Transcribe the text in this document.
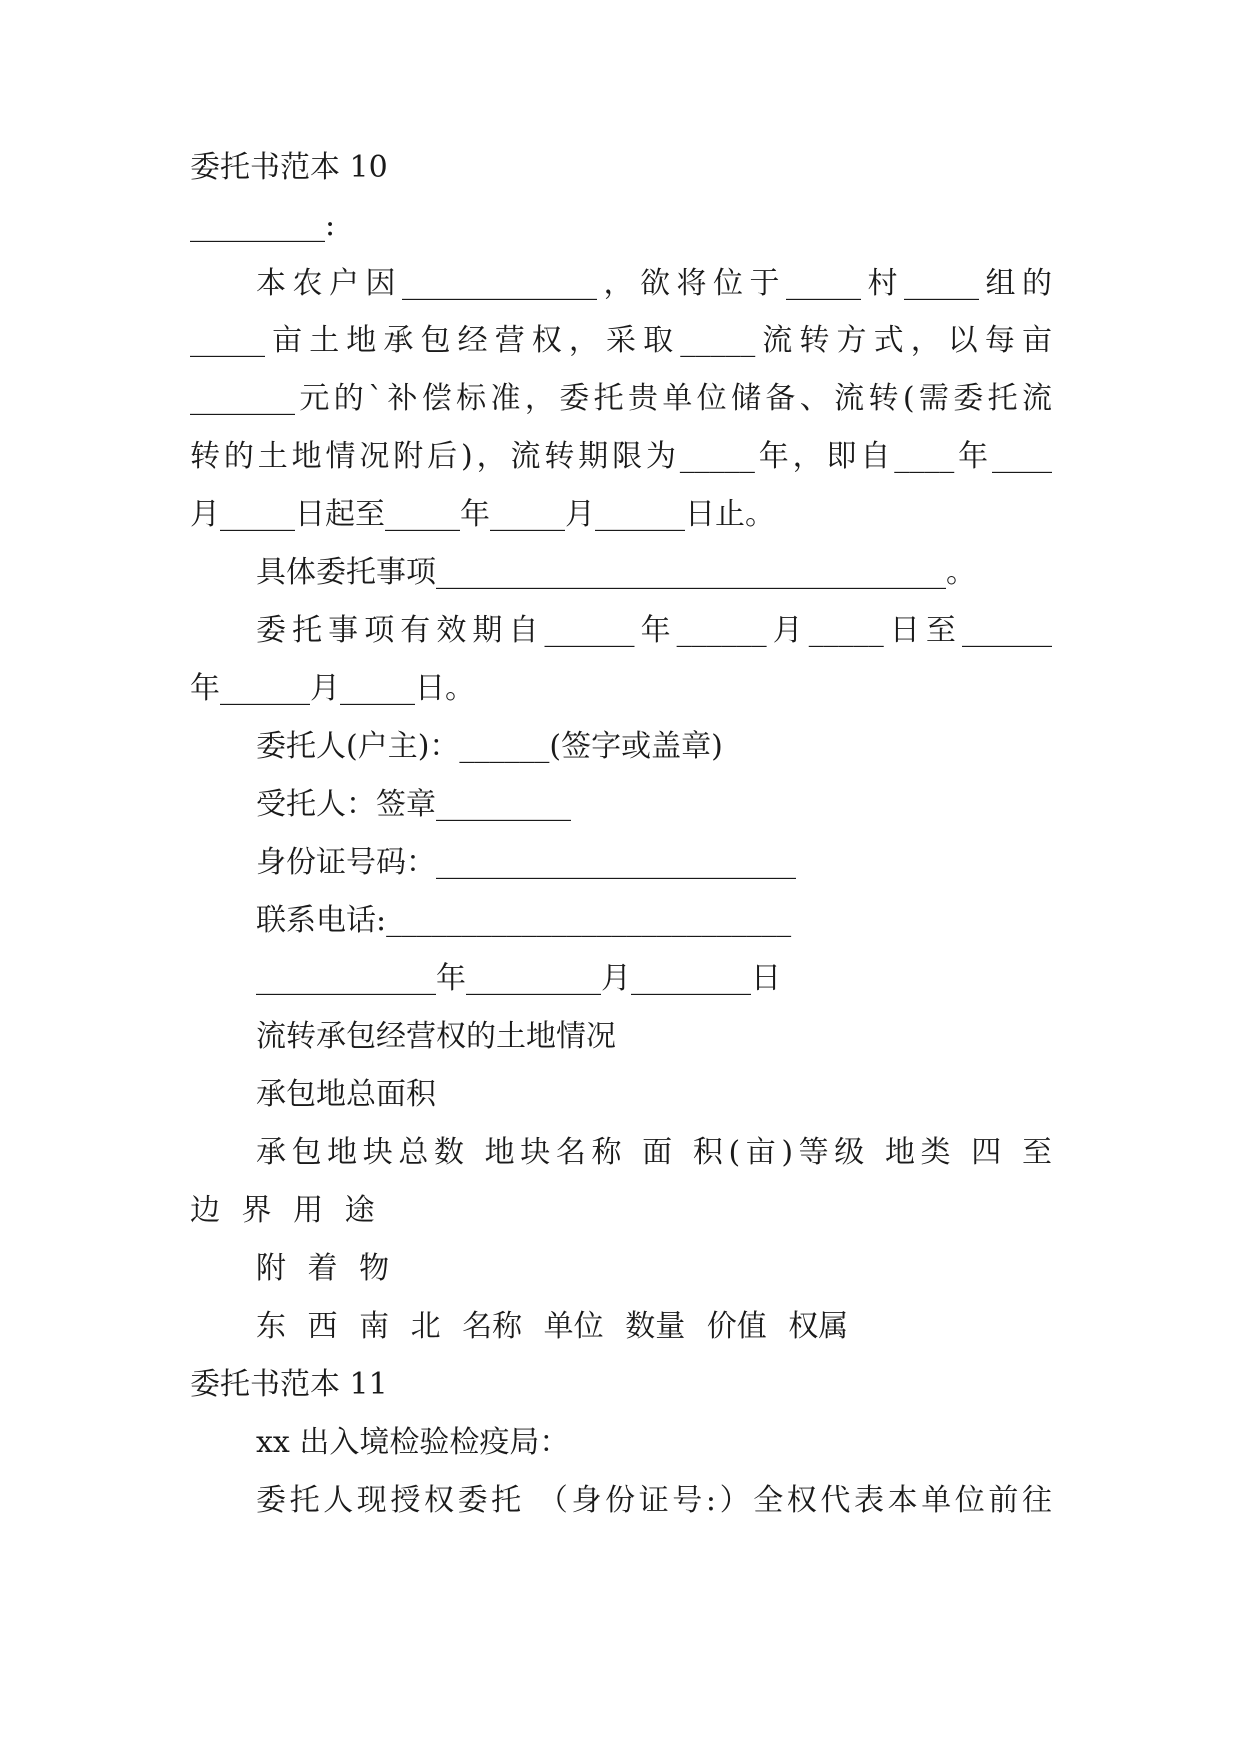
委托书范本 10

_________:

本农户因_____________，欲将位于_____村_____组的

_____亩土地承包经营权，采取_____流转方式，以每亩

_______元的`补偿标准，委托贵单位储备、流转(需委托流

转的土地情况附后)，流转期限为_____年，即自____年____

月_____日起至_____年_____月______日止。

具体委托事项__________________________________。

委托事项有效期自______年______月_____日至______

年______月_____日。

委托人(户主)：______(签字或盖章)

受托人：签章_________

身份证号码：________________________

联系电话:___________________________

____________年_________月________日

流转承包经营权的土地情况

承包地总面积

承包地块总数 地块名称 面 积(亩)等级 地类 四 至

边 界 用 途

附 着 物

东 西 南 北 名称 单位 数量 价值 权属

委托书范本 11

xx 出入境检验检疫局：

委托人现授权委托 （身份证号:）全权代表本单位前往
